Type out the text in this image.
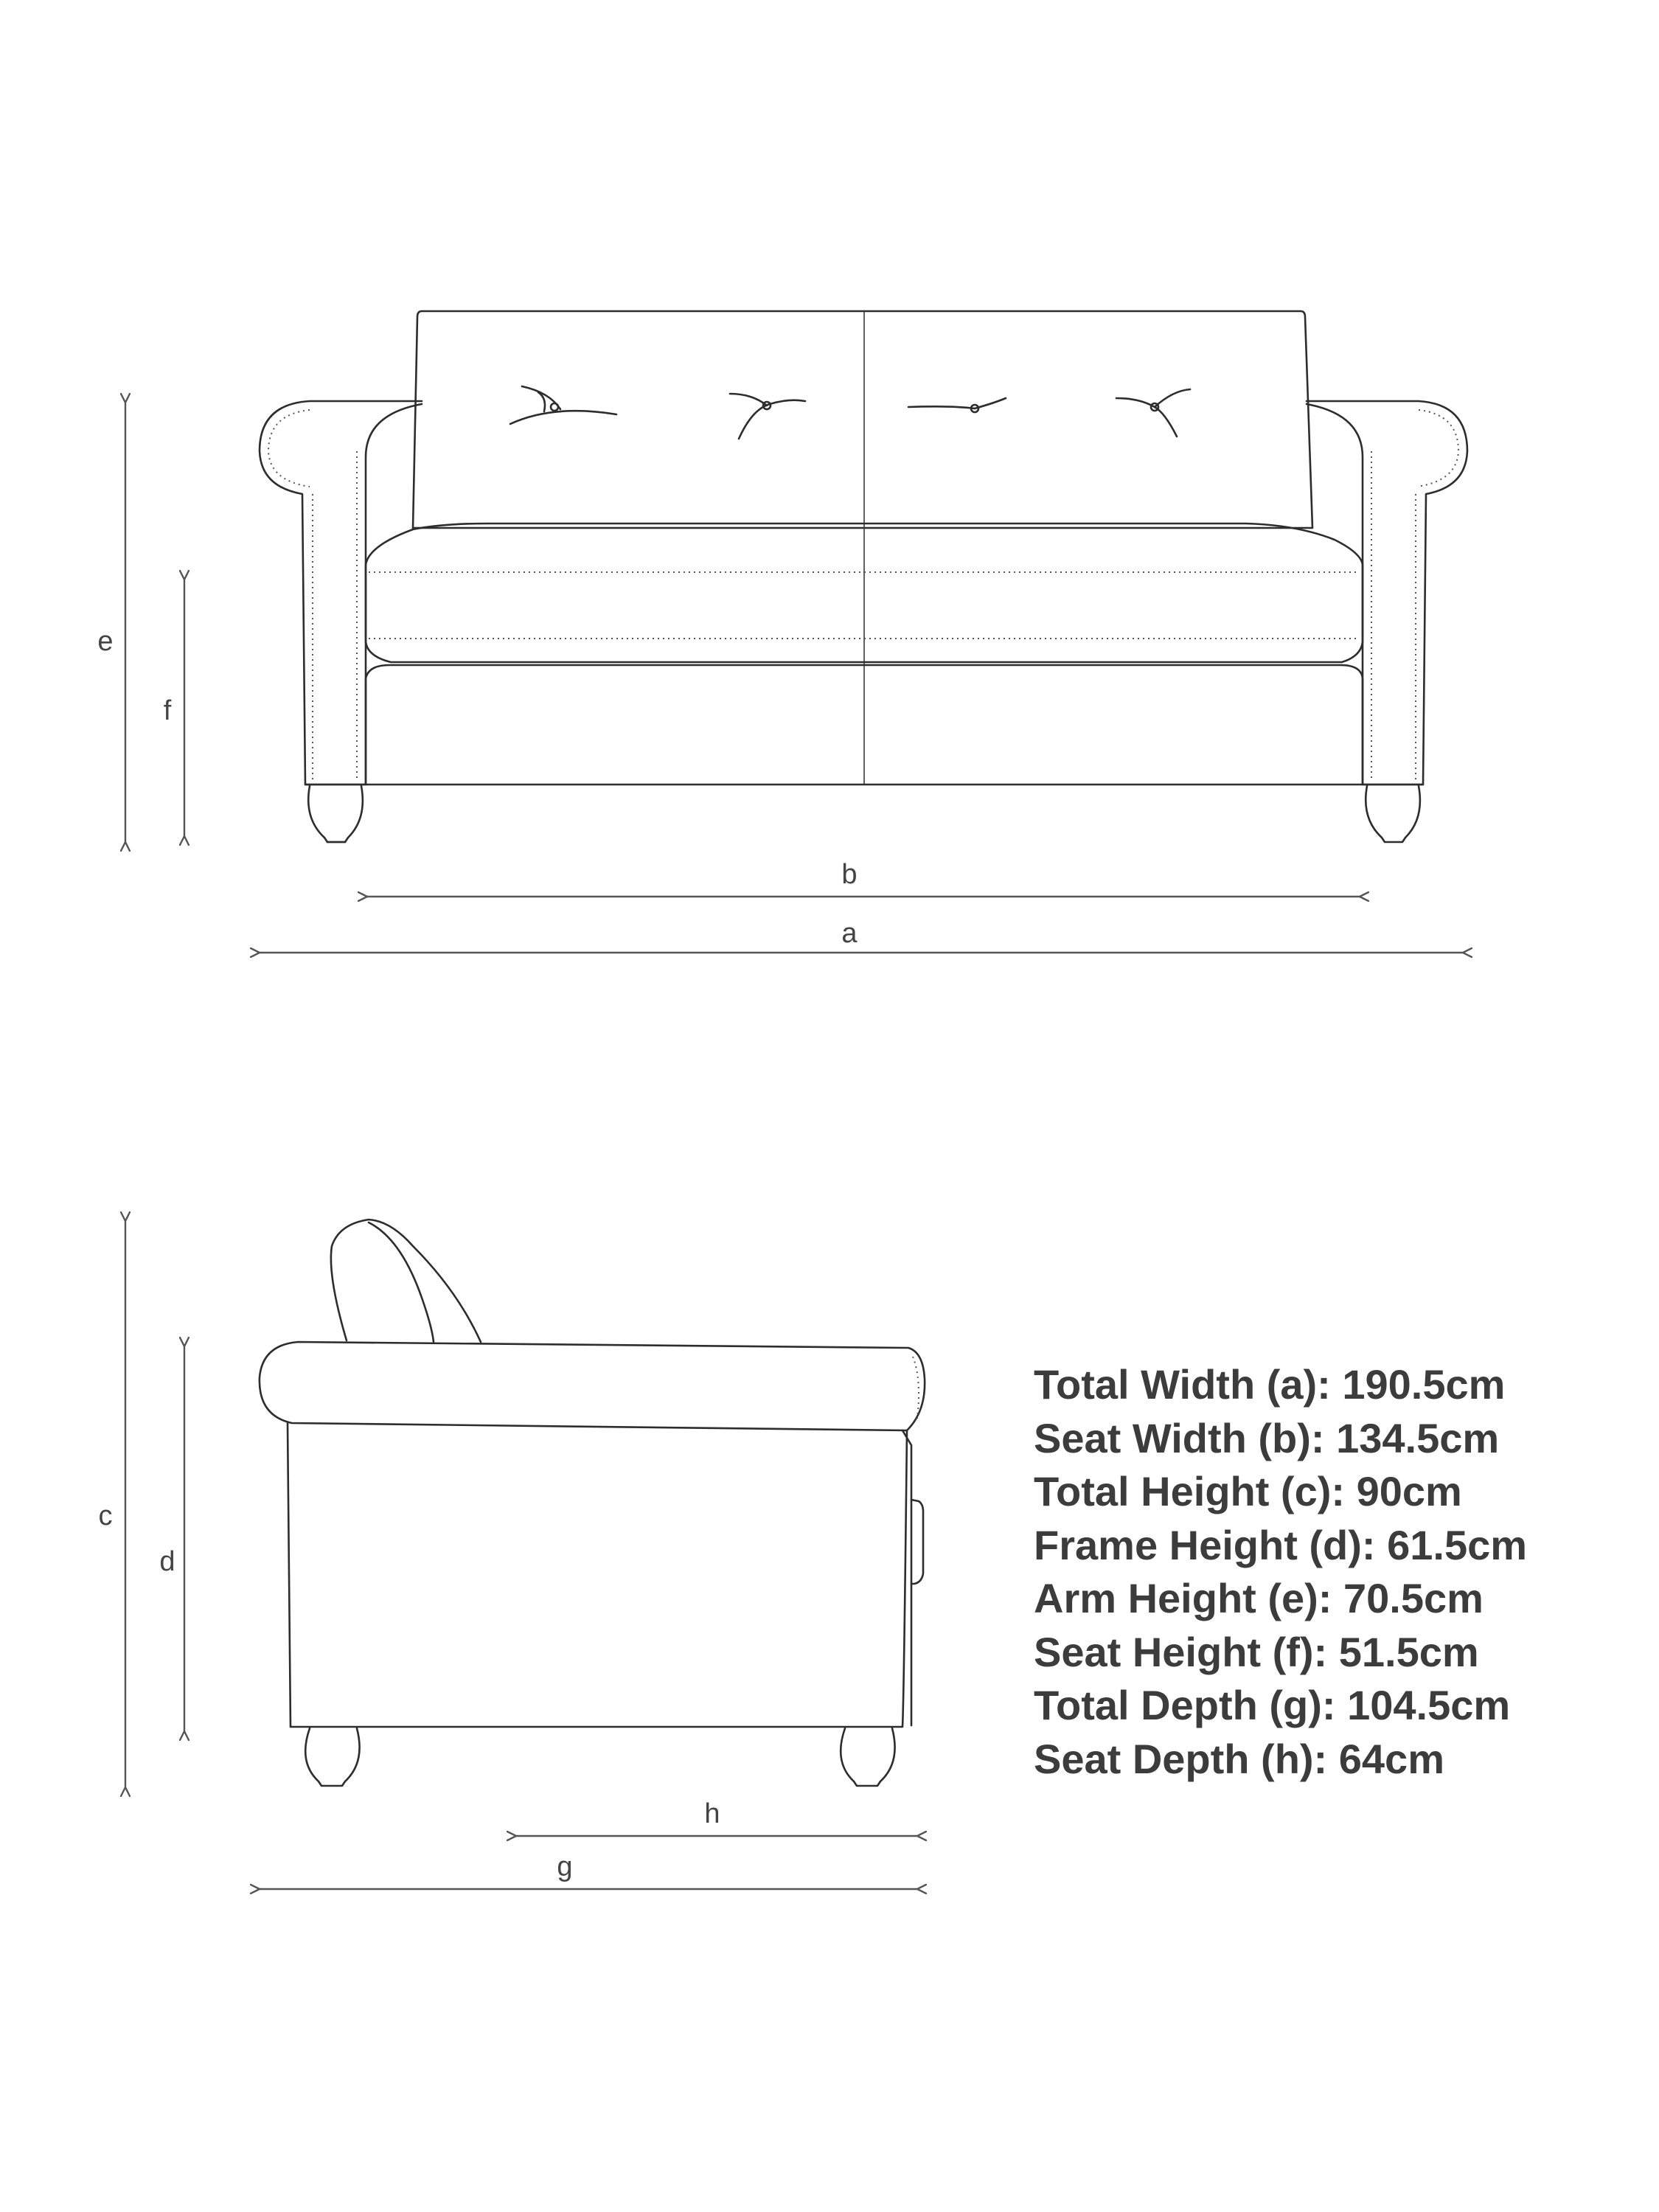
e
f
b
a
c
d
h
g
Total Width (a): 190.5cm
Seat Width (b): 134.5cm
Total Height (c): 90cm
Frame Height (d): 61.5cm
Arm Height (e): 70.5cm
Seat Height (f): 51.5cm
Total Depth (g): 104.5cm
Seat Depth (h): 64cm
